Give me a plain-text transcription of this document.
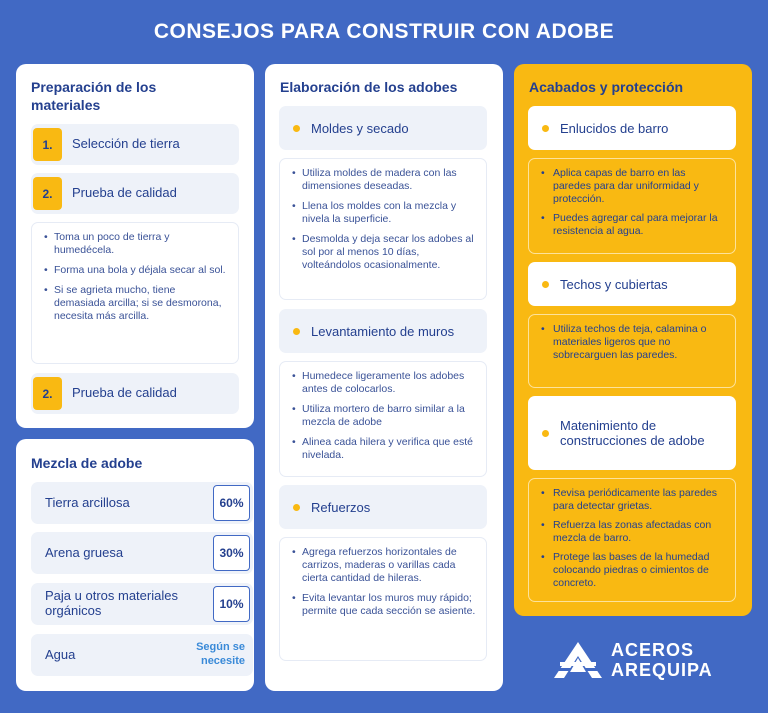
CONSEJOS PARA CONSTRUIR CON ADOBE
Preparación de los materiales
1.	Selección de tierra
2.	Prueba de calidad
• Toma un poco de tierra y humedécela.
• Forma una bola y déjala secar al sol.
• Si se agrieta mucho, tiene demasiada arcilla; si se desmorona, necesita más arcilla.
2.	Prueba de calidad
Mezcla de adobe
Tierra arcillosa	60%
Arena gruesa	30%
Paja u otros materiales orgánicos	10%
Agua	Según se necesite
Elaboración de los adobes
Moldes y secado
• Utiliza moldes de madera con las dimensiones deseadas.
• Llena los moldes con la mezcla y nivela la superficie.
• Desmolda y deja secar los adobes al sol por al menos 10 días, volteándolos ocasionalmente.
Levantamiento de muros
• Humedece ligeramente los adobes antes de colocarlos.
• Utiliza mortero de barro similar a la mezcla de adobe
• Alinea cada hilera y verifica que esté nivelada.
Refuerzos
• Agrega refuerzos horizontales de carrizos, maderas o varillas cada cierta cantidad de hileras.
• Evita levantar los muros muy rápido; permite que cada sección se asiente.
Acabados y protección
Enlucidos de barro
• Aplica capas de barro en las paredes para dar uniformidad y protección.
• Puedes agregar cal para mejorar la resistencia al agua.
Techos y cubiertas
• Utiliza techos de teja, calamina o materiales ligeros que no sobrecarguen las paredes.
Matenimiento de construcciones de adobe
• Revisa periódicamente las paredes para detectar grietas.
• Refuerza las zonas afectadas con mezcla de barro.
• Protege las bases de la humedad colocando piedras o cimientos de concreto.
ACEROS
AREQUIPA
